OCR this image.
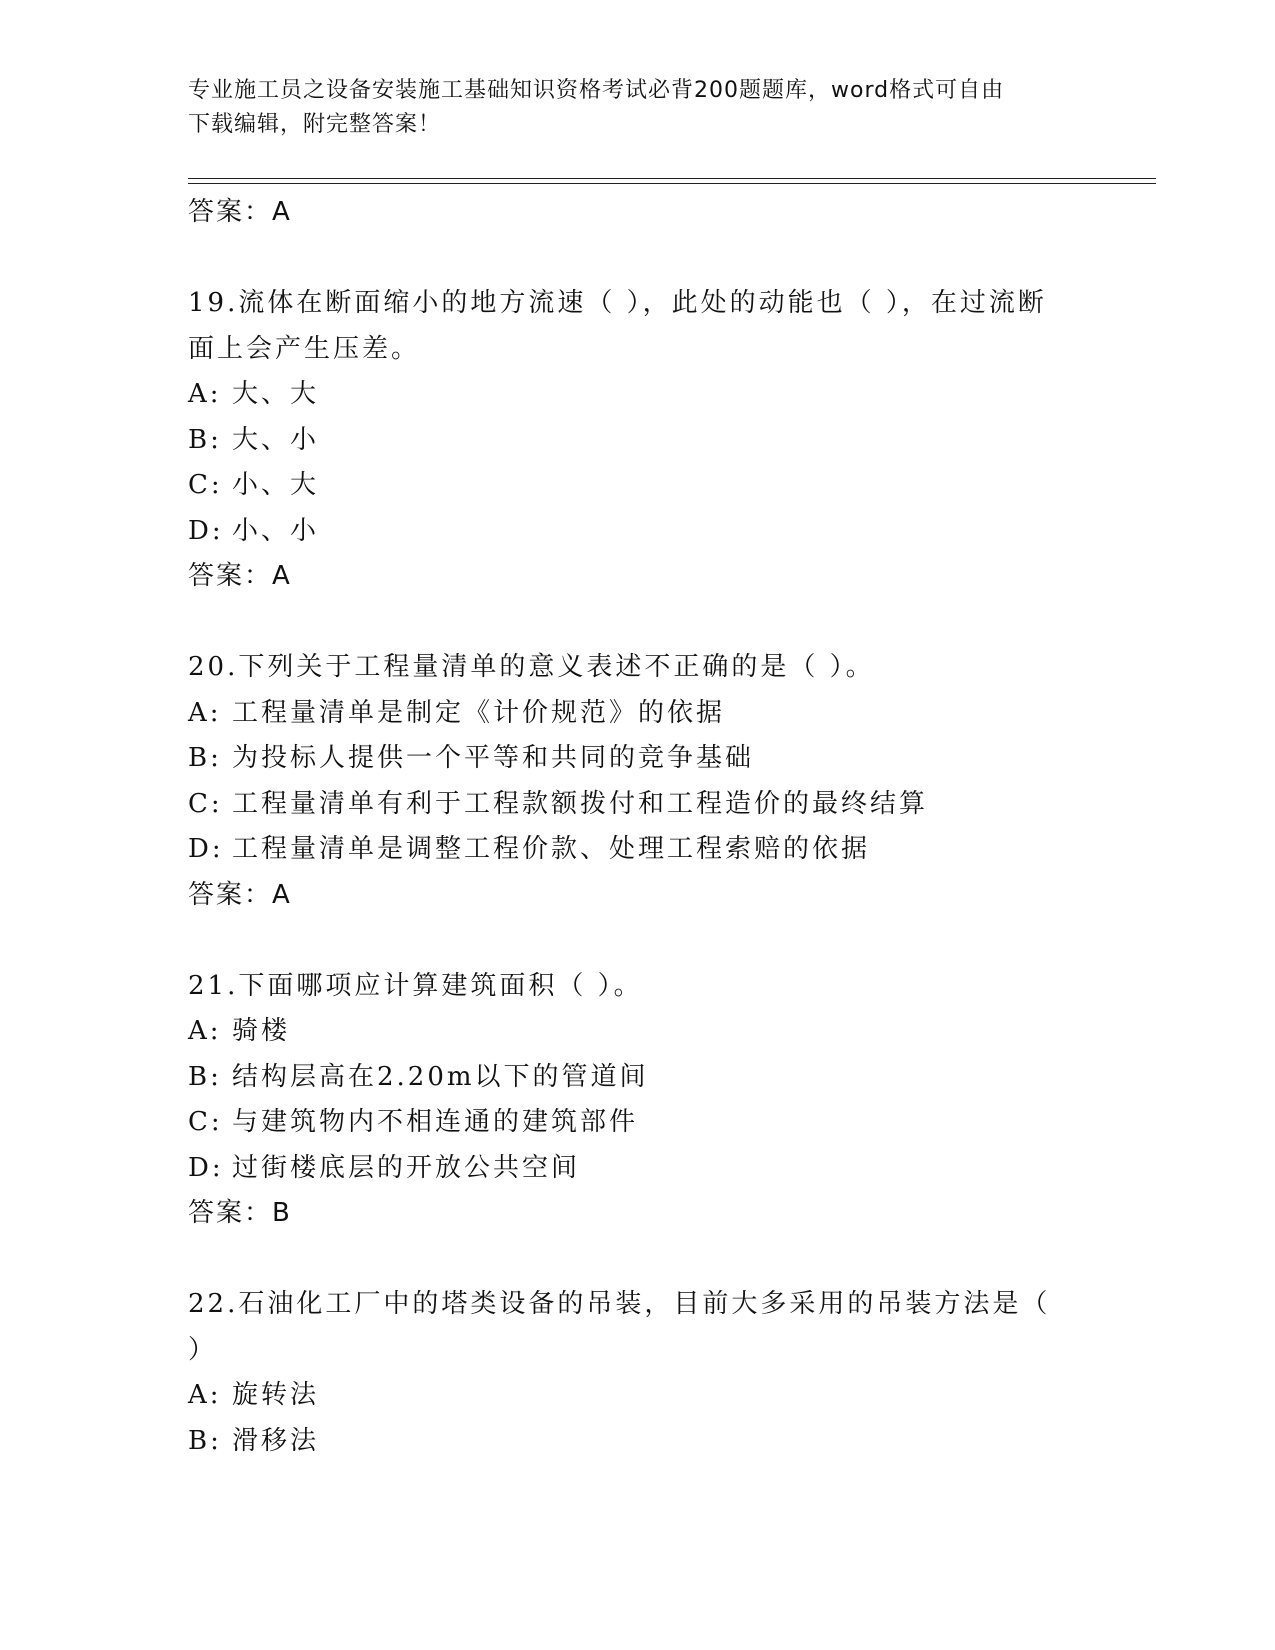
专业施工员之设备安装施工基础知识资格考试必背200题题库，word格式可自由
下载编辑，附完整答案！
答案：A
19.流体在断面缩小的地方流速（ ），此处的动能也（ ），在过流断
面上会产生压差。
A: 大、大
B: 大、小
C: 小、大
D: 小、小
答案：A
20.下列关于工程量清单的意义表述不正确的是（ ）。
A: 工程量清单是制定《计价规范》的依据
B: 为投标人提供一个平等和共同的竞争基础
C: 工程量清单有利于工程款额拨付和工程造价的最终结算
D: 工程量清单是调整工程价款、处理工程索赔的依据
答案：A
21.下面哪项应计算建筑面积（ ）。
A: 骑楼
B: 结构层高在2.20m以下的管道间
C: 与建筑物内不相连通的建筑部件
D: 过街楼底层的开放公共空间
答案：B
22.石油化工厂中的塔类设备的吊装，目前大多采用的吊装方法是（
）
A: 旋转法
B: 滑移法
